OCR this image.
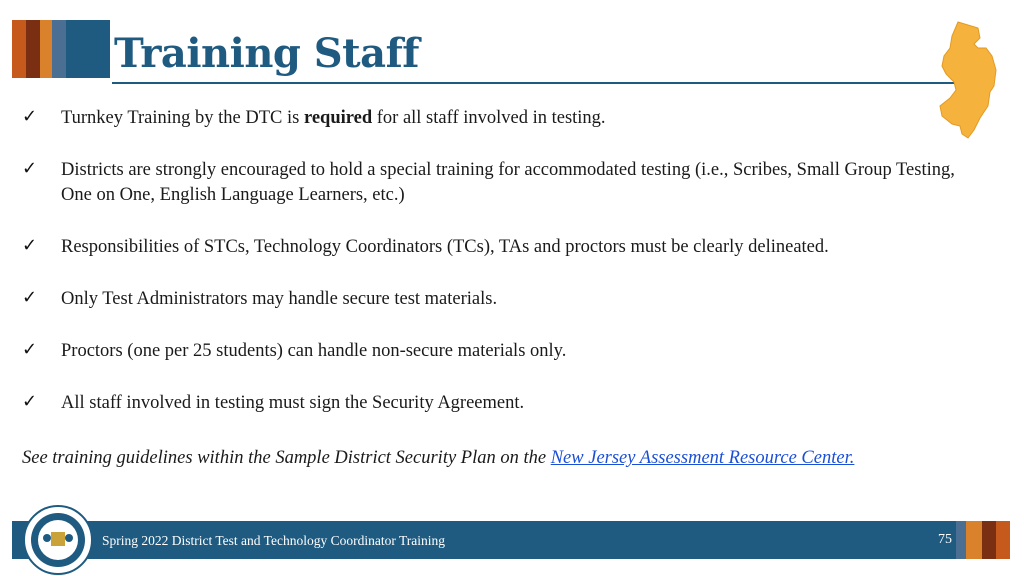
Training Staff
✓ Turnkey Training by the DTC is required for all staff involved in testing.
✓ Districts are strongly encouraged to hold a special training for accommodated testing (i.e., Scribes, Small Group Testing, One on One, English Language Learners, etc.)
✓ Responsibilities of STCs, Technology Coordinators (TCs), TAs and proctors must be clearly delineated.
✓ Only Test Administrators may handle secure test materials.
✓ Proctors (one per 25 students) can handle non-secure materials only.
✓ All staff involved in testing must sign the Security Agreement.

See training guidelines within the Sample District Security Plan on the New Jersey Assessment Resource Center.

Spring 2022 District Test and Technology Coordinator Training	75
